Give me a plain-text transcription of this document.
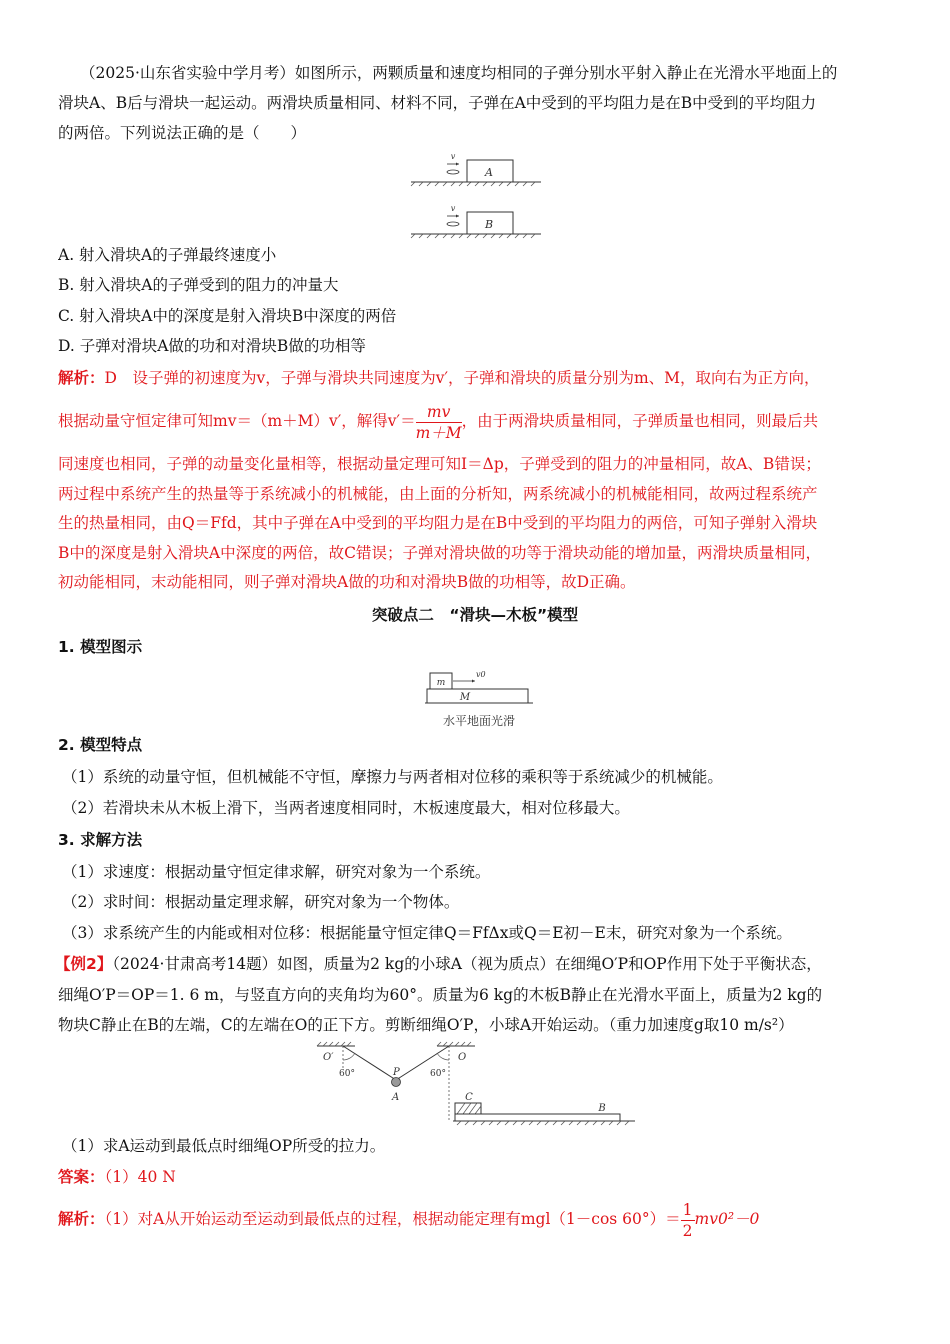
（2025·山东省实验中学月考）如图所示，两颗质量和速度均相同的子弹分别水平射入静止在光滑水平地面上的
滑块A、B后与滑块一起运动。两滑块质量相同、材料不同，子弹在A中受到的平均阻力是在B中受到的平均阻力
的两倍。下列说法正确的是（　　）
A
v
B
v
A. 射入滑块A的子弹最终速度小
B. 射入滑块A的子弹受到的阻力的冲量大
C. 射入滑块A中的深度是射入滑块B中深度的两倍
D. 子弹对滑块A做的功和对滑块B做的功相等
解析：D　设子弹的初速度为v，子弹与滑块共同速度为v′，子弹和滑块的质量分别为m、M，取向右为正方向，
根据动量守恒定律可知mv＝（m＋M）v′，解得$v'= \frac{mv}{m+M}$ ，由于两滑块质量相同，子弹质量也相同，则最后共
同速度也相同，子弹的动量变化量相等，根据动量定理可知I＝Δp，子弹受到的阻力的冲量相同，故A、B错误；
两过程中系统产生的热量等于系统减小的机械能，由上面的分析知，两系统减小的机械能相同，故两过程系统产
生的热量相同，由Q＝Ffd，其中子弹在A中受到的平均阻力是在B中受到的平均阻力的两倍，可知子弹射入滑块
B中的深度是射入滑块A中深度的两倍，故C错误；子弹对滑块做的功等于滑块动能的增加量，两滑块质量相同，
初动能相同，末动能相同，则子弹对滑块A做的功和对滑块B做的功相等，故D正确。
突破点二　“滑块—木板”模型
1. 模型图示
m
v0
M
水平地面光滑
2. 模型特点
（1）系统的动量守恒，但机械能不守恒，摩擦力与两者相对位移的乘积等于系统减少的机械能。
（2）若滑块未从木板上滑下，当两者速度相同时，木板速度最大，相对位移最大。
3. 求解方法
（1）求速度：根据动量守恒定律求解，研究对象为一个系统。
（2）求时间：根据动量定理求解，研究对象为一个物体。
（3）求系统产生的内能或相对位移：根据能量守恒定律Q＝FfΔx或Q＝E初－E末，研究对象为一个系统。
【例2】（2024·甘肃高考14题）如图，质量为2 kg的小球A（视为质点）在细绳O′P和OP作用下处于平衡状态，
细绳O′P＝OP＝1. 6 m，与竖直方向的夹角均为60°。质量为6 kg的木板B静止在光滑水平面上，质量为2 kg的
物块C静止在B的左端，C的左端在O的正下方。剪断细绳O′P，小球A开始运动。（重力加速度g取10 m/s²）
O′	O
P
A
60°	60°
C
B
（1）求A运动到最低点时细绳OP所受的拉力。
答案：（1）40 N
解析：（1）对A从开始运动至运动到最低点的过程，根据动能定理有mgl（1－cos $60^\circ)= \frac{1}{2} mv0^2-0$
